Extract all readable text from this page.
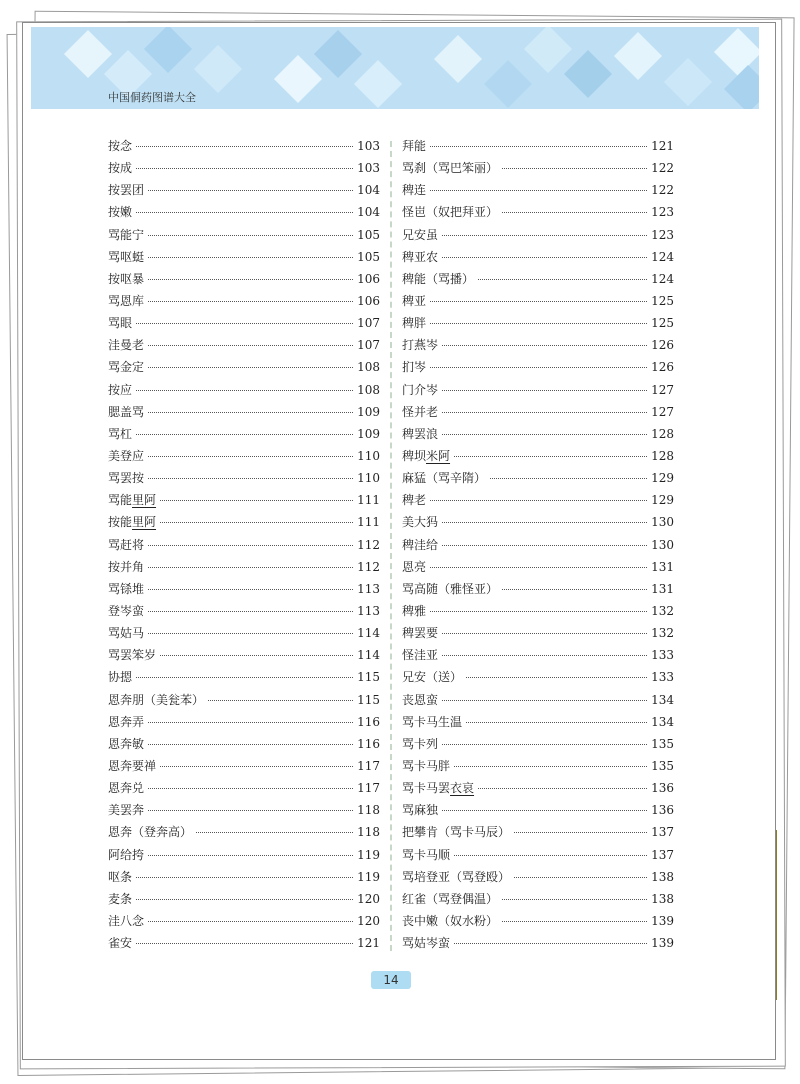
中国侗药图谱大全
按念	103
按成	103
按罢团	104
按嫩	104
骂能宁	105
骂呕蜓	105
按呕暴	106
骂恩库	106
骂眼	107
洼曼老	107
骂金定	108
按应	108
腮盖骂	109
骂杠	109
美登应	110
骂罢按	110
骂能 里阿	111
按能 里阿	111
骂赶将	112
按并角	112
骂铩堆	113
登岑蛮	113
骂姑马	114
骂罢笨岁	114
协摁	115
恩奔朋（美瓮苯）	115
恩奔弄	116
恩奔敏	116
恩奔要禅	117
恩奔兑	117
美罢奔	118
恩奔（登奔高）	118
阿给挎	119
呕条	119
麦条	120
洼八念	120
雀安	121
拜能	121
骂刹（骂巴笨丽）	122
稗连	122
怪岜（奴把拜亚）	123
兄安虽	123
稗亚农	124
稗能（骂播）	124
稗亚	125
稗胖	125
打燕岑	126
扪岑	126
门介岑	127
怪并老	127
稗罢浪	128
稗坝 米阿	128
麻猛（骂辛隋）	129
稗老	129
美大犸	130
稗洼给	130
恩亮	131
骂高随（雅怪亚）	131
稗雅	132
稗罢要	132
怪洼亚	133
兄安（送）	133
丧恩蛮	134
骂卡马生温	134
骂卡列	135
骂卡马胖	135
骂卡马罢 衣哀	136
骂麻独	136
把攀肯（骂卡马辰）	137
骂卡马顺	137
骂培登亚（骂登殴）	138
红雀（骂登偶温）	138
丧中嫩（奴水粉）	139
骂姑岑蛮	139
14
